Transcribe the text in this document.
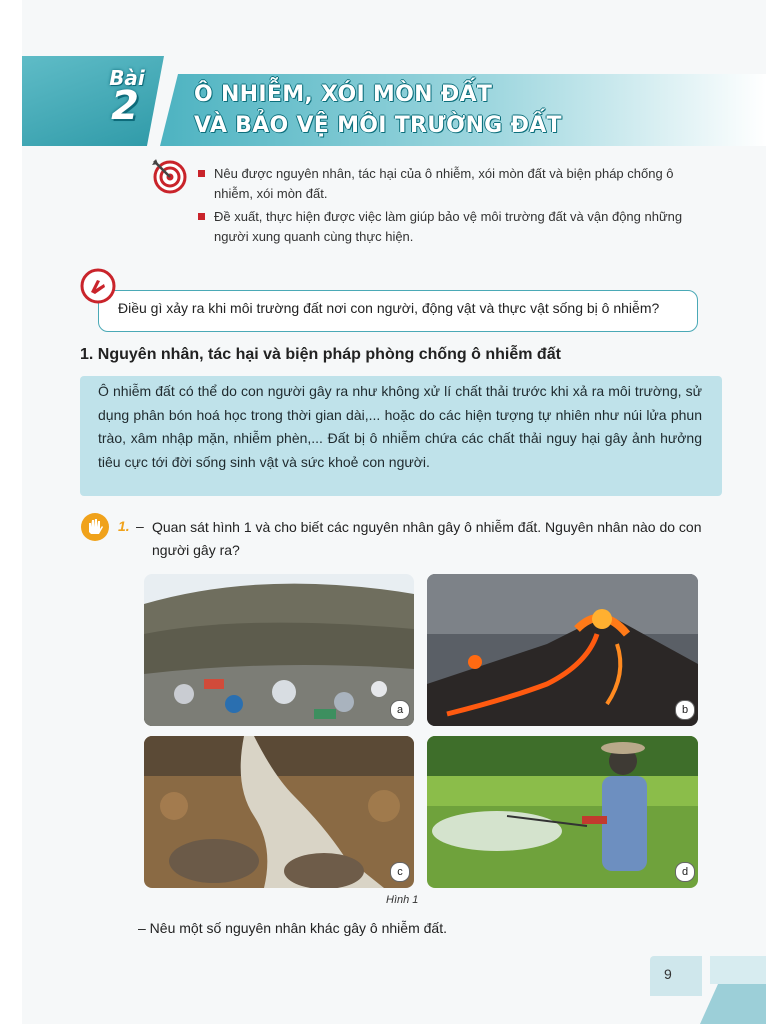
Bài
2	Ô NHIỄM, XÓI MÒN ĐẤT
VÀ BẢO VỆ MÔI TRƯỜNG ĐẤT
Nêu được nguyên nhân, tác hại của ô nhiễm, xói mòn đất và biện pháp chống ô nhiễm, xói mòn đất.
Đề xuất, thực hiện được việc làm giúp bảo vệ môi trường đất và vận động những người xung quanh cùng thực hiện.
Điều gì xảy ra khi môi trường đất nơi con người, động vật và thực vật sống bị ô nhiễm?
1. Nguyên nhân, tác hại và biện pháp phòng chống ô nhiễm đất
Ô nhiễm đất có thể do con người gây ra như không xử lí chất thải trước khi xả ra môi trường, sử dụng phân bón hoá học trong thời gian dài,... hoặc do các hiện tượng tự nhiên như núi lửa phun trào, xâm nhập mặn, nhiễm phèn,... Đất bị ô nhiễm chứa các chất thải nguy hại gây ảnh hưởng tiêu cực tới đời sống sinh vật và sức khoẻ con người.
1. – Quan sát hình 1 và cho biết các nguyên nhân gây ô nhiễm đất. Nguyên nhân nào do con người gây ra?
a	b
c	d
Hình 1
– Nêu một số nguyên nhân khác gây ô nhiễm đất.
9
